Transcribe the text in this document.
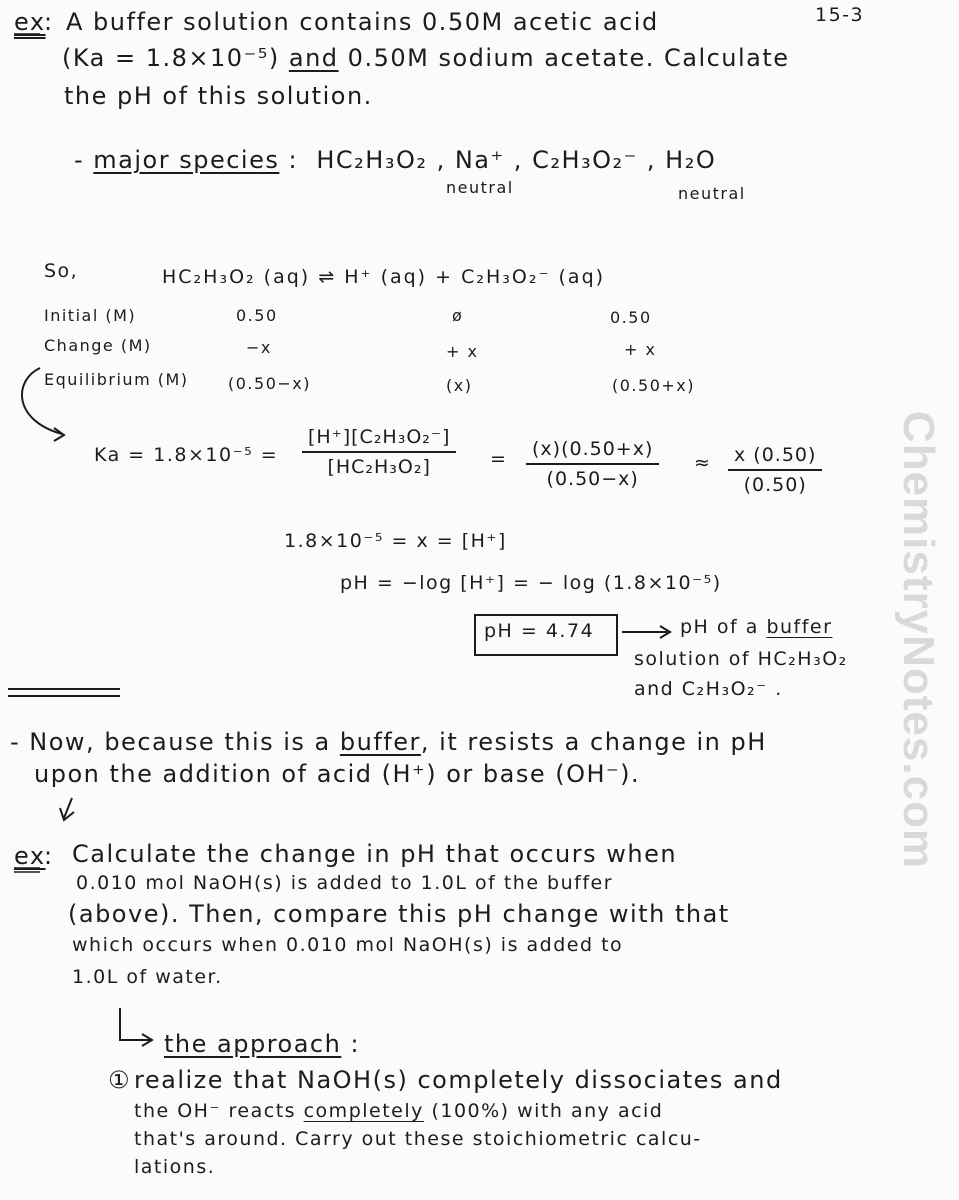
15-3
ex
: A buffer solution contains 0.50M acetic acid
(Ka = 1.8×10⁻⁵) and 0.50M sodium acetate. Calculate
the pH of this solution.
- major species :  HC₂H₃O₂ , Na⁺ , C₂H₃O₂⁻ , H₂O
neutral	neutral
So,	HC₂H₃O₂ (aq) ⇌ H⁺ (aq) + C₂H₃O₂⁻ (aq)
Initial (M)	0.50	ø	0.50
Change (M)	−x	+ x	+ x
Equilibrium (M) (0.50−x)	(x)	(0.50+x)
$Ka = 1.8\times 10^{-5} = \frac{\text{[H⁺][C₂H₃O₂⁻]}}{\text{[HC₂H₃O₂]}} = \frac{(x)(0.50+x)}{(0.50-x)} \approx \frac{x (0.50)}{(0.50)}$
1.8×10⁻⁵ = x = [H⁺]
pH = −log [H⁺] = − log (1.8×10⁻⁵)
pH = 4.74	pH of a buffer
solution of HC₂H₃O₂
and C₂H₃O₂⁻ .
- Now, because this is a buffer, it resists a change in pH
upon the addition of acid (H⁺) or base (OH⁻).
ex
: Calculate the change in pH that occurs when
0.010 mol NaOH(s) is added to 1.0L of the buffer
(above). Then, compare this pH change with that
which occurs when 0.010 mol NaOH(s) is added to
1.0L of water.
the approach :
① realize that NaOH(s) completely dissociates and
the OH⁻ reacts completely (100%) with any acid
that's around. Carry out these stoichiometric calcu-
lations.
ChemistryNotes.com
